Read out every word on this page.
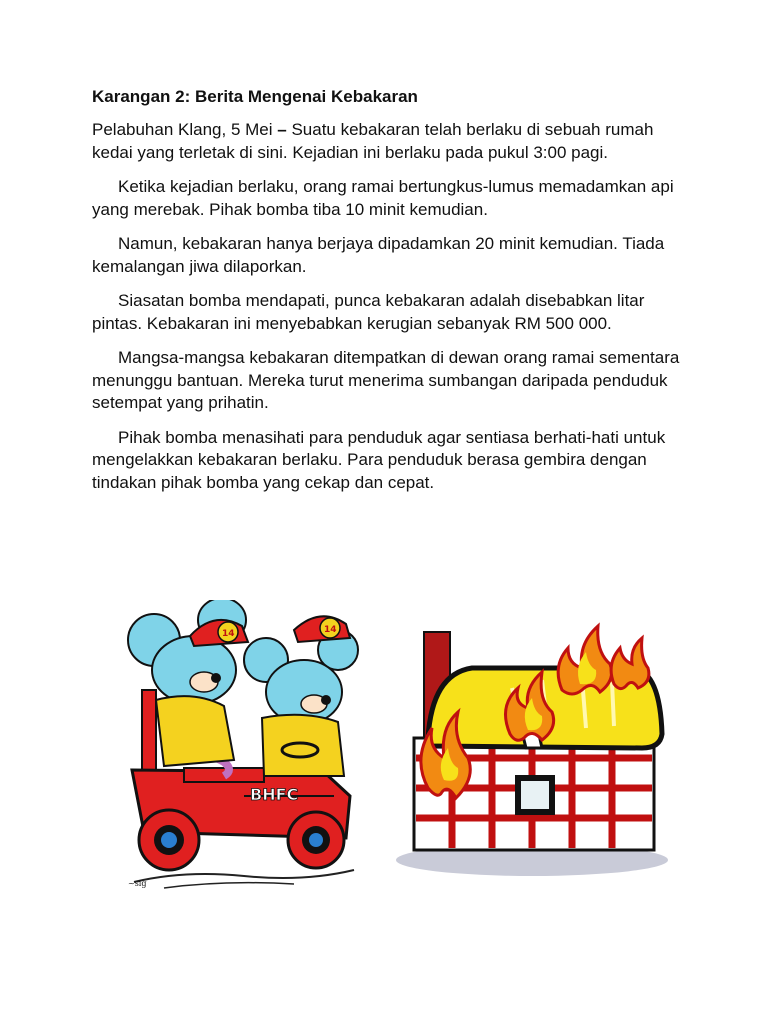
Karangan 2: Berita Mengenai Kebakaran

Pelabuhan Klang, 5 Mei – Suatu kebakaran telah berlaku di sebuah rumah kedai yang terletak di sini. Kejadian ini berlaku pada pukul 3:00 pagi.

Ketika kejadian berlaku, orang ramai bertungkus-lumus memadamkan api yang merebak. Pihak bomba tiba 10 minit kemudian.

Namun, kebakaran hanya berjaya dipadamkan 20 minit kemudian. Tiada kemalangan jiwa dilaporkan.

Siasatan bomba mendapati, punca kebakaran adalah disebabkan litar pintas. Kebakaran ini menyebabkan kerugian sebanyak RM 500 000.

Mangsa-mangsa kebakaran ditempatkan di dewan orang ramai sementara menunggu bantuan. Mereka turut menerima sumbangan daripada penduduk setempat yang prihatin.

Pihak bomba menasihati para penduduk agar sentiasa berhati-hati untuk mengelakkan kebakaran berlaku. Para penduduk berasa gembira dengan tindakan pihak bomba yang cekap dan cepat.

~sig
BHFC
14	14
